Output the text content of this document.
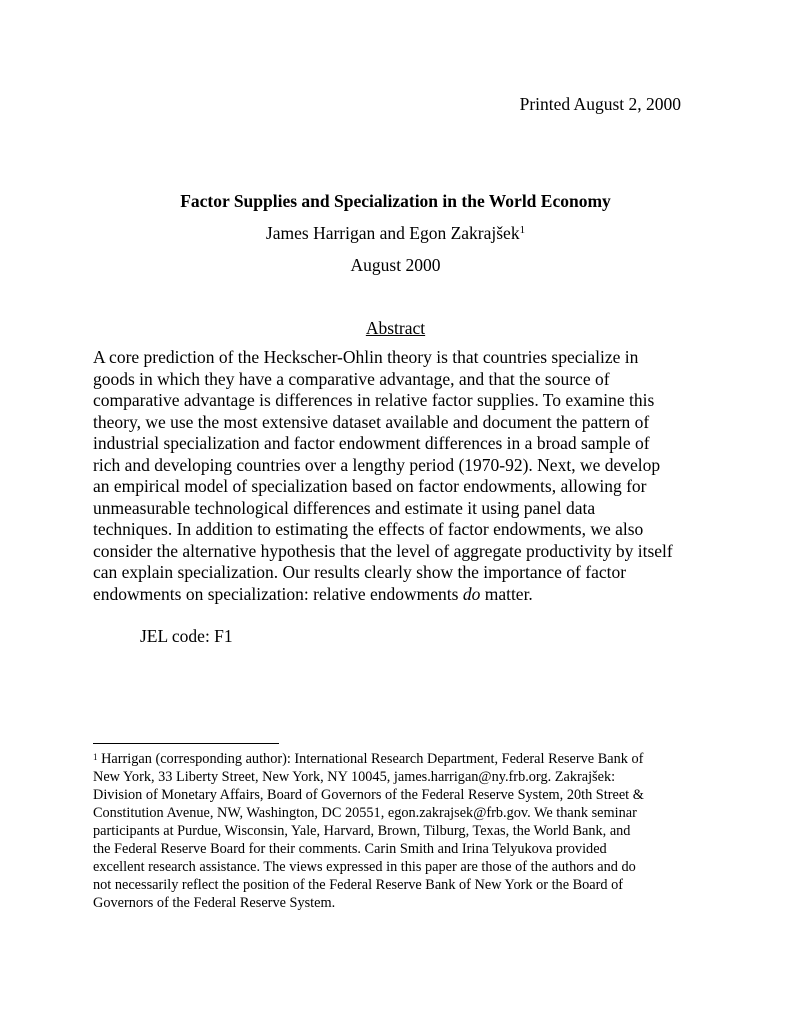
Printed August 2, 2000
Factor Supplies and Specialization in the World Economy
James Harrigan and Egon Zakrajšek$^1$
August 2000
Abstract
A core prediction of the Heckscher-Ohlin theory is that countries specialize in
goods in which they have a comparative advantage, and that the source of
comparative advantage is differences in relative factor supplies. To examine this
theory, we use the most extensive dataset available and document the pattern of
industrial specialization and factor endowment differences in a broad sample of
rich and developing countries over a lengthy period (1970-92). Next, we develop
an empirical model of specialization based on factor endowments, allowing for
unmeasurable technological differences and estimate it using panel data
techniques. In addition to estimating the effects of factor endowments, we also
consider the alternative hypothesis that the level of aggregate productivity by itself
can explain specialization. Our results clearly show the importance of factor
endowments on specialization: relative endowments do matter.
JEL code: F1
$^1$ Harrigan (corresponding author): International Research Department, Federal Reserve Bank of
New York, 33 Liberty Street, New York, NY 10045, james.harrigan@ny.frb.org. Zakrajšek:
Division of Monetary Affairs, Board of Governors of the Federal Reserve System, 20th Street &
Constitution Avenue, NW, Washington, DC 20551, egon.zakrajsek@frb.gov. We thank seminar
participants at Purdue, Wisconsin, Yale, Harvard, Brown, Tilburg, Texas, the World Bank, and
the Federal Reserve Board for their comments. Carin Smith and Irina Telyukova provided
excellent research assistance. The views expressed in this paper are those of the authors and do
not necessarily reflect the position of the Federal Reserve Bank of New York or the Board of
Governors of the Federal Reserve System.
